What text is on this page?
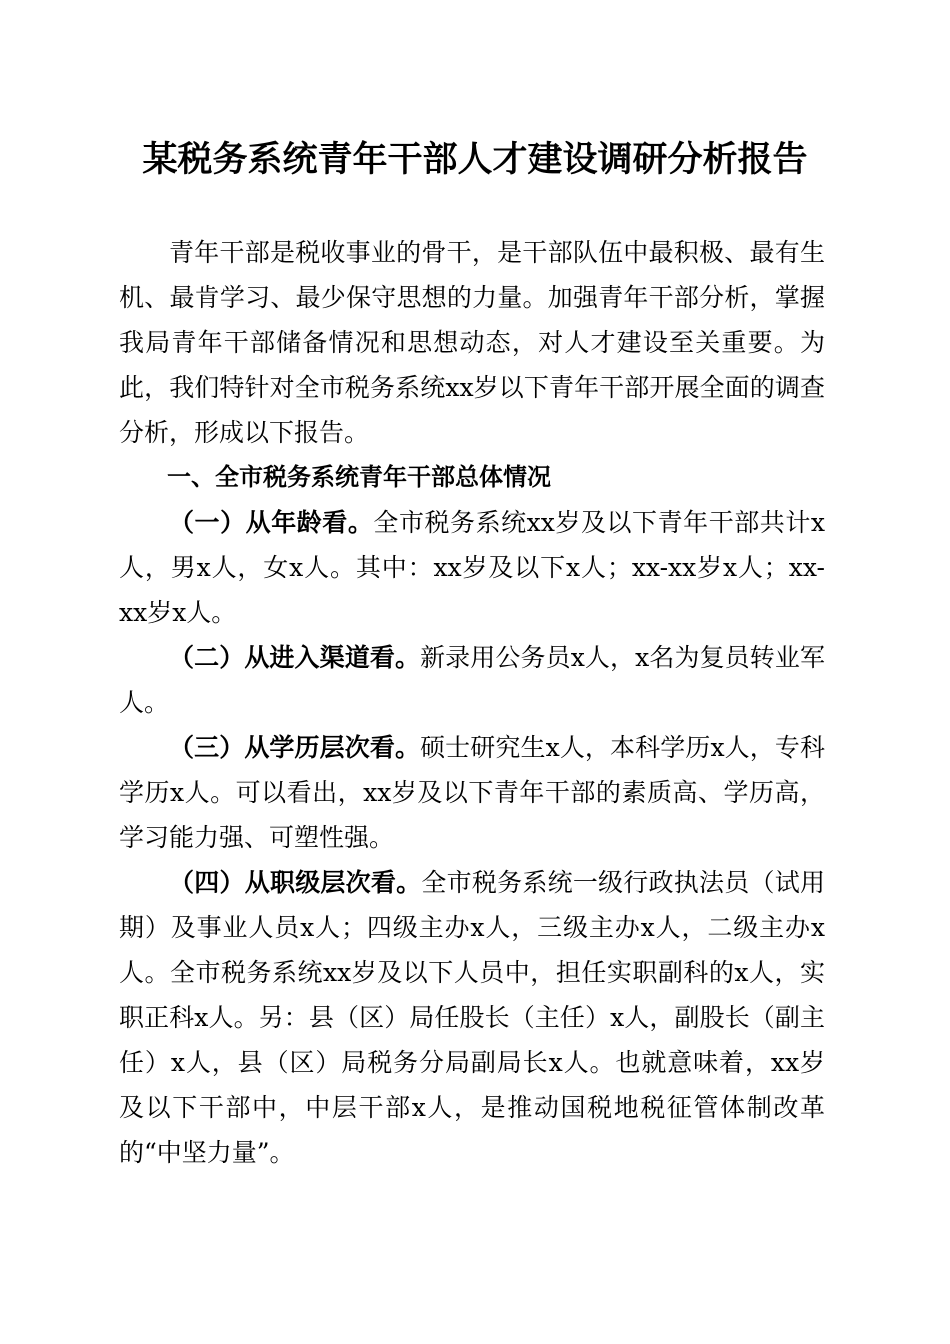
某税务系统青年干部人才建设调研分析报告

青年干部是税收事业的骨干，是干部队伍中最积极、最有生机、最肯学习、最少保守思想的力量。加强青年干部分析，掌握我局青年干部储备情况和思想动态，对人才建设至关重要。为此，我们特针对全市税务系统xx岁以下青年干部开展全面的调查分析，形成以下报告。

一、全市税务系统青年干部总体情况

（一）从年龄看。全市税务系统xx岁及以下青年干部共计x人，男x人，女x人。其中：xx岁及以下x人；xx-xx岁x人；xx-xx岁x人。

（二）从进入渠道看。新录用公务员x人，x名为复员转业军人。

（三）从学历层次看。硕士研究生x人，本科学历x人，专科学历x人。可以看出，xx岁及以下青年干部的素质高、学历高，学习能力强、可塑性强。

（四）从职级层次看。全市税务系统一级行政执法员（试用期）及事业人员x人；四级主办x人，三级主办x人，二级主办x人。全市税务系统xx岁及以下人员中，担任实职副科的x人，实职正科x人。另：县（区）局任股长（主任）x人，副股长（副主任）x人，县（区）局税务分局副局长x人。也就意味着，xx岁及以下干部中，中层干部x人，是推动国税地税征管体制改革的“中坚力量”。
